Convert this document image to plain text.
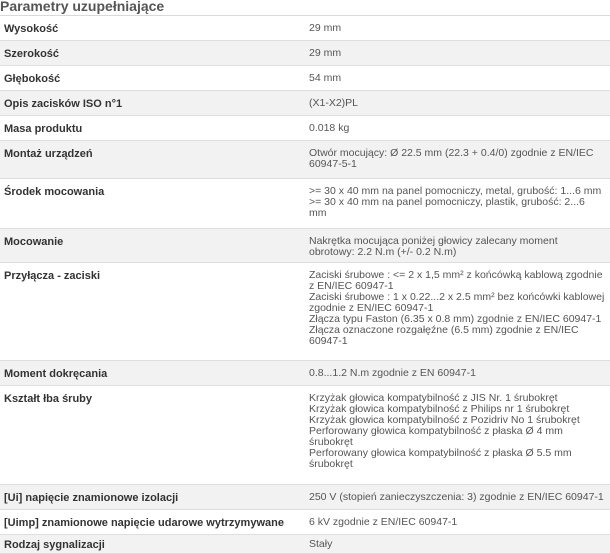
Parametry uzupełniające
Wysokość	29 mm
Szerokość	29 mm
Głębokość	54 mm
Opis zacisków ISO n°1	(X1-X2)PL
Masa produktu	0.018 kg
Montaż urządzeń	Otwór mocujący: Ø 22.5 mm (22.3 + 0.4/0) zgodnie z EN/IEC
60947-5-1
Środek mocowania	>= 30 x 40 mm na panel pomocniczy, metal, grubość: 1...6 mm
>= 30 x 40 mm na panel pomocniczy, plastik, grubość: 2...6
mm
Mocowanie	Nakrętka mocująca poniżej głowicy zalecany moment
obrotowy: 2.2 N.m (+/- 0.2 N.m)
Przyłącza - zaciski	Zaciski śrubowe : <= 2 x 1,5 mm² z końcówką kablową zgodnie
z EN/IEC 60947-1
Zaciski śrubowe : 1 x 0.22...2 x 2.5 mm² bez końcówki kablowej
zgodnie z EN/IEC 60947-1
Złącza typu Faston (6.35 x 0.8 mm) zgodnie z EN/IEC 60947-1
Złącza oznaczone rozgałęźne (6.5 mm) zgodnie z EN/IEC
60947-1
Moment dokręcania	0.8...1.2 N.m zgodnie z EN 60947-1
Kształt łba śruby	Krzyżak głowica kompatybilność z JIS Nr. 1 śrubokręt
Krzyżak głowica kompatybilność z Philips nr 1 śrubokręt
Krzyżak głowica kompatybilność z Pozidriv No 1 śrubokręt
Perforowany głowica kompatybilność z płaska Ø 4 mm
śrubokręt
Perforowany głowica kompatybilność z płaska Ø 5.5 mm
śrubokręt
[Ui] napięcie znamionowe izolacji	250 V (stopień zanieczyszczenia: 3) zgodnie z EN/IEC 60947-1
[Uimp] znamionowe napięcie udarowe wytrzymywane	6 kV zgodnie z EN/IEC 60947-1
Rodzaj sygnalizacji	Stały
